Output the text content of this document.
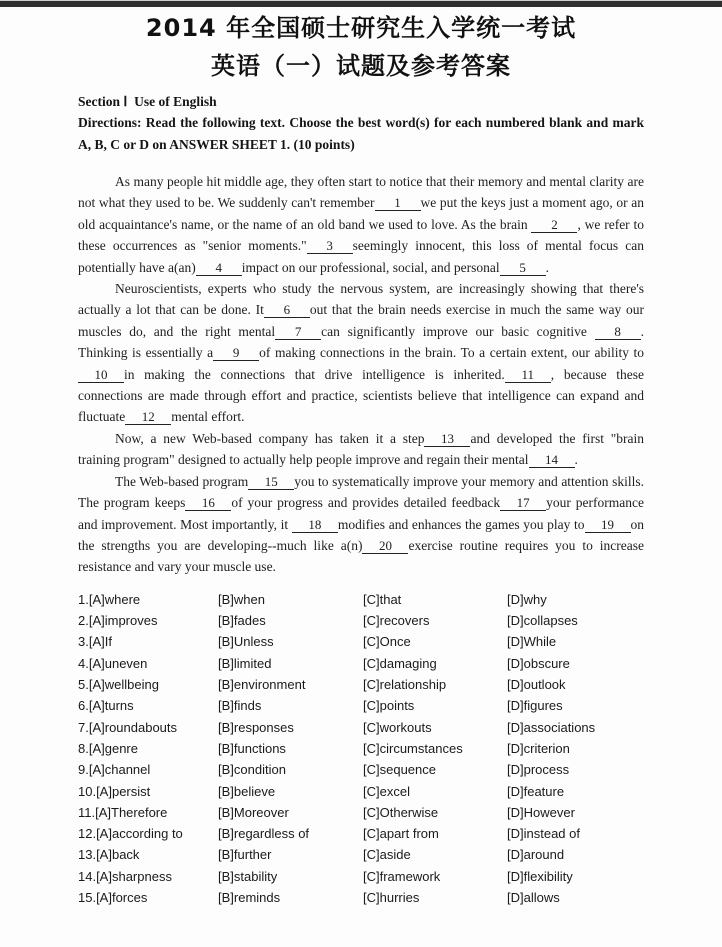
2014 年全国硕士研究生入学统一考试
英语（一）试题及参考答案
Section Ⅰ  Use of English
Directions: Read the following text. Choose the best word(s) for each numbered blank and mark A, B, C or D on ANSWER SHEET 1. (10 points)

As many people hit middle age, they often start to notice that their memory and mental clarity are not what they used to be. We suddenly can't remember 1 we put the keys just a moment ago, or an old acquaintance's name, or the name of an old band we used to love. As the brain 2 , we refer to these occurrences as "senior moments." 3 seemingly innocent, this loss of mental focus can potentially have a(an) 4 impact on our professional, social, and personal 5 .

Neuroscientists, experts who study the nervous system, are increasingly showing that there's actually a lot that can be done. It 6 out that the brain needs exercise in much the same way our muscles do, and the right mental 7 can significantly improve our basic cognitive 8 . Thinking is essentially a 9 of making connections in the brain. To a certain extent, our ability to10 in making the connections that drive intelligence is inherited. 11 , because these connections are made through effort and practice, scientists believe that intelligence can expand and fluctuate 12 mental effort.

Now, a new Web-based company has taken it a step 13 and developed the first "brain training program" designed to actually help people improve and regain their mental 14 .

The Web-based program 15 you to systematically improve your memory and attention skills. The program keeps 16 of your progress and provides detailed feedback 17 your performance and improvement. Most importantly, it 18 modifies and enhances the games you play to 19 on the strengths you are developing--much like a(n) 20 exercise routine requires you to increase resistance and vary your muscle use.

1.[A]where	[B]when	[C]that	[D]why
2.[A]improves	[B]fades	[C]recovers	[D]collapses
3.[A]If	[B]Unless	[C]Once	[D]While
4.[A]uneven	[B]limited	[C]damaging	[D]obscure
5.[A]wellbeing	[B]environment	[C]relationship	[D]outlook
6.[A]turns	[B]finds	[C]points	[D]figures
7.[A]roundabouts	[B]responses	[C]workouts	[D]associations
8.[A]genre	[B]functions	[C]circumstances	[D]criterion
9.[A]channel	[B]condition	[C]sequence	[D]process
10.[A]persist	[B]believe	[C]excel	[D]feature
11.[A]Therefore	[B]Moreover	[C]Otherwise	[D]However
12.[A]according to	[B]regardless of	[C]apart from	[D]instead of
13.[A]back	[B]further	[C]aside	[D]around
14.[A]sharpness	[B]stability	[C]framework	[D]flexibility
15.[A]forces	[B]reminds	[C]hurries	[D]allows
